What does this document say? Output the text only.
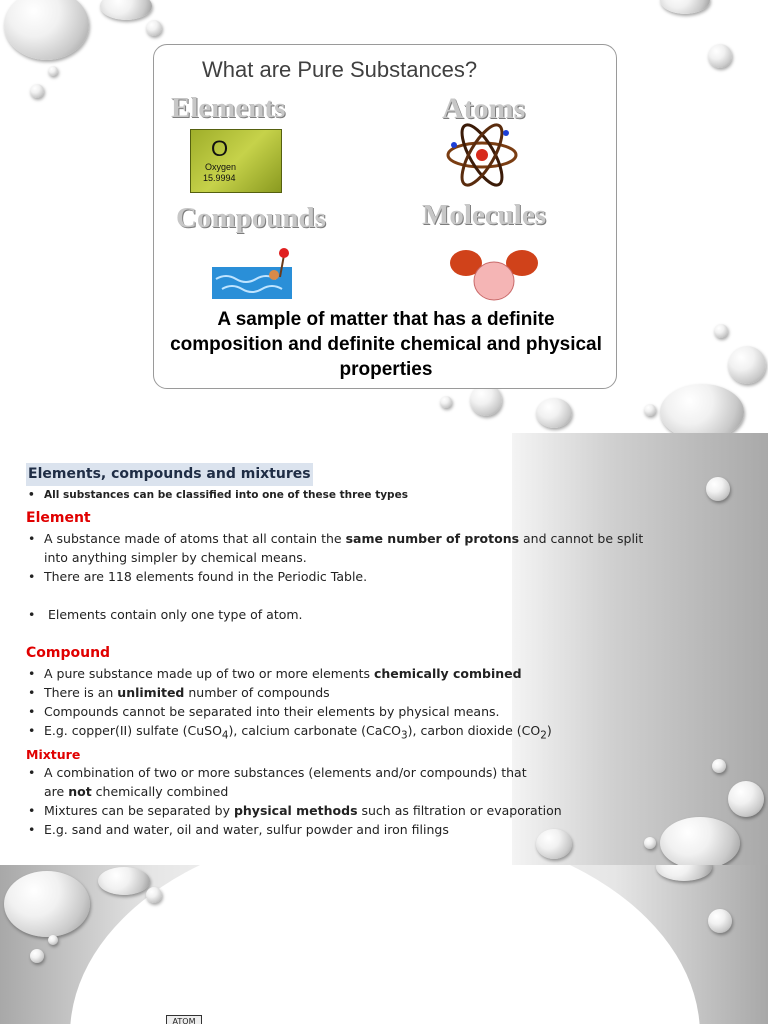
What are Pure Substances?
Elements	Atoms
Compounds	Molecules
O
Oxygen
15.9994
A sample of matter that has a definite composition and definite chemical and physical properties
Elements, compounds and mixtures
• All substances can be classified into one of these three types
Element
• A substance made of atoms that all contain the same number of protons and cannot be split
into anything simpler by chemical means.
• There are 118 elements found in the Periodic Table.
• Elements contain only one type of atom.
Compound
• A pure substance made up of two or more elements chemically combined
• There is an unlimited number of compounds
• Compounds cannot be separated into their elements by physical means.
• E.g. copper(II) sulfate (CuSO$_4$), calcium carbonate (CaCO$_3$), carbon dioxide $(CO_2)$
Mixture
• A combination of two or more substances (elements and/or compounds) that
are not chemically combined
• Mixtures can be separated by physical methods such as filtration or evaporation
• E.g. sand and water, oil and water, sulfur powder and iron filings
ATOM
